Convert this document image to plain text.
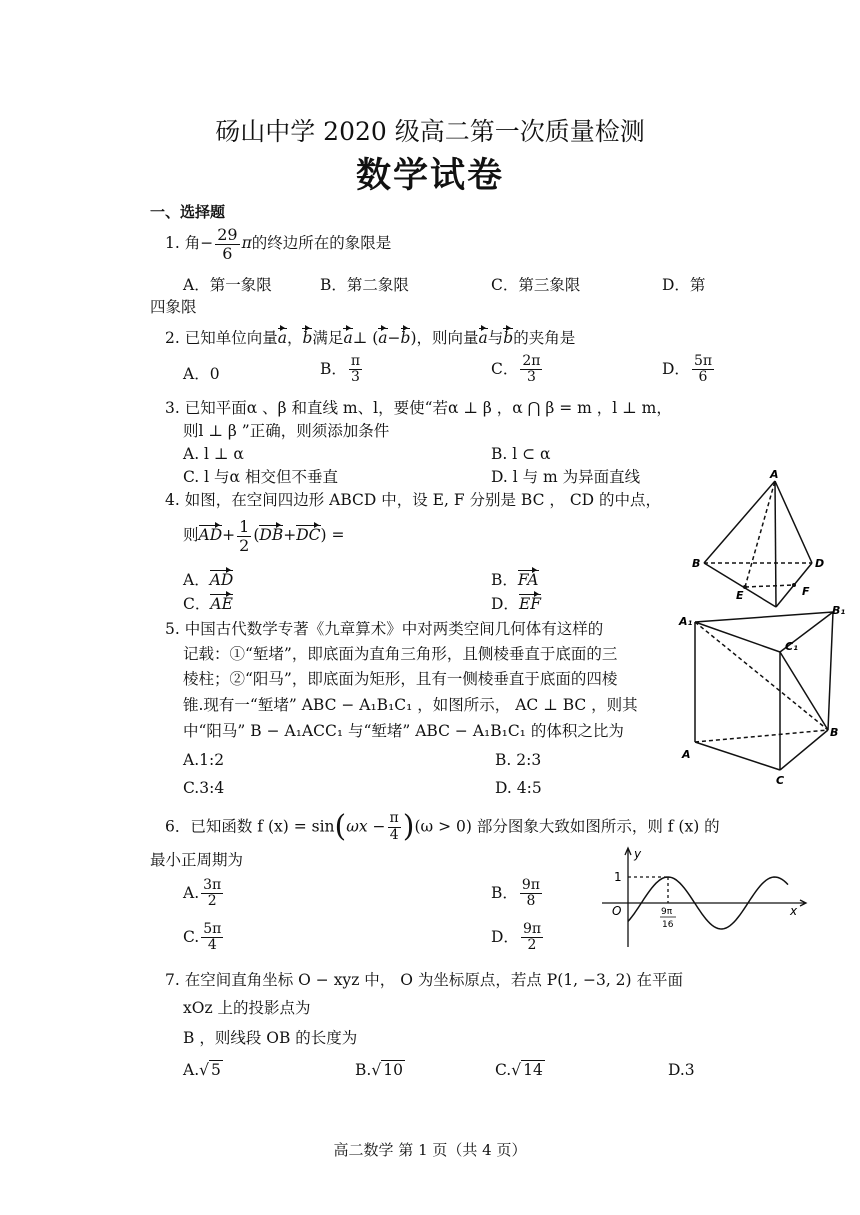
砀山中学 2020 级高二第一次质量检测
数学试卷
一、选择题
1. 角− $\frac{29}{6}$ π的终边所在的象限是
A．第一象限	B．第二象限	C．第三象限	D．第
四象限
2. 已知单位向量a，b满足a⊥ (a−b)，则向量a与b的夹角是
A．0	B． $\frac{\pi}{3}$	C． $\frac{2\pi}{3}$	D． $\frac{5\pi}{6}$
3. 已知平面α 、β 和直线 m、l，要使“若α ⊥ β ，α ⋂ β = m ，l ⊥ m，
则l ⊥ β ”正确，则须添加条件
A. l ⊥ α	B. l ⊂ α
C. l 与α 相交但不垂直	D. l 与 m 为异面直线
4. 如图，在空间四边形 ABCD 中，设 E, F 分别是 BC ， CD 的中点，
则$AD+ \frac{1}{2} (DB+DC)$ =
A．AD	B．FA
C．AE	D．EF
5. 中国古代数学专著《九章算术》中对两类空间几何体有这样的
记载：①“堑堵”，即底面为直角三角形，且侧棱垂直于底面的三
棱柱；②“阳马”，即底面为矩形，且有一侧棱垂直于底面的四棱
锥.现有一“堑堵” ABC − A₁B₁C₁ ，如图所示， AC ⊥ BC ，则其
中“阳马” B − A₁ACC₁ 与“堑堵” ABC − A₁B₁C₁ 的体积之比为
A.1:2	B. 2:3
C.3:4	D. 4:5
6．已知函数 f $(x) = \sin(\omega x - \frac{\pi}{4} )(\omega > 0)$ 部分图象大致如图所示，则 f (x) 的
最小正周期为
A. $\frac{3\pi}{2}$	B． $\frac{9\pi}{8}$
C. $\frac{5\pi}{4}$	D． $\frac{9\pi}{2}$
7. 在空间直角坐标 O − xyz 中， O 为坐标原点，若点 P(1, −3, 2) 在平面
xOz 上的投影点为
B ，则线段 OB 的长度为
A.√ 5	B.√ 10	C.√ 14	D.3
A
B	D
E	F
A₁
B₁
C₁
A
B
C
y
1
O	x
9π
16
高二数学 第 1 页（共 4 页）
